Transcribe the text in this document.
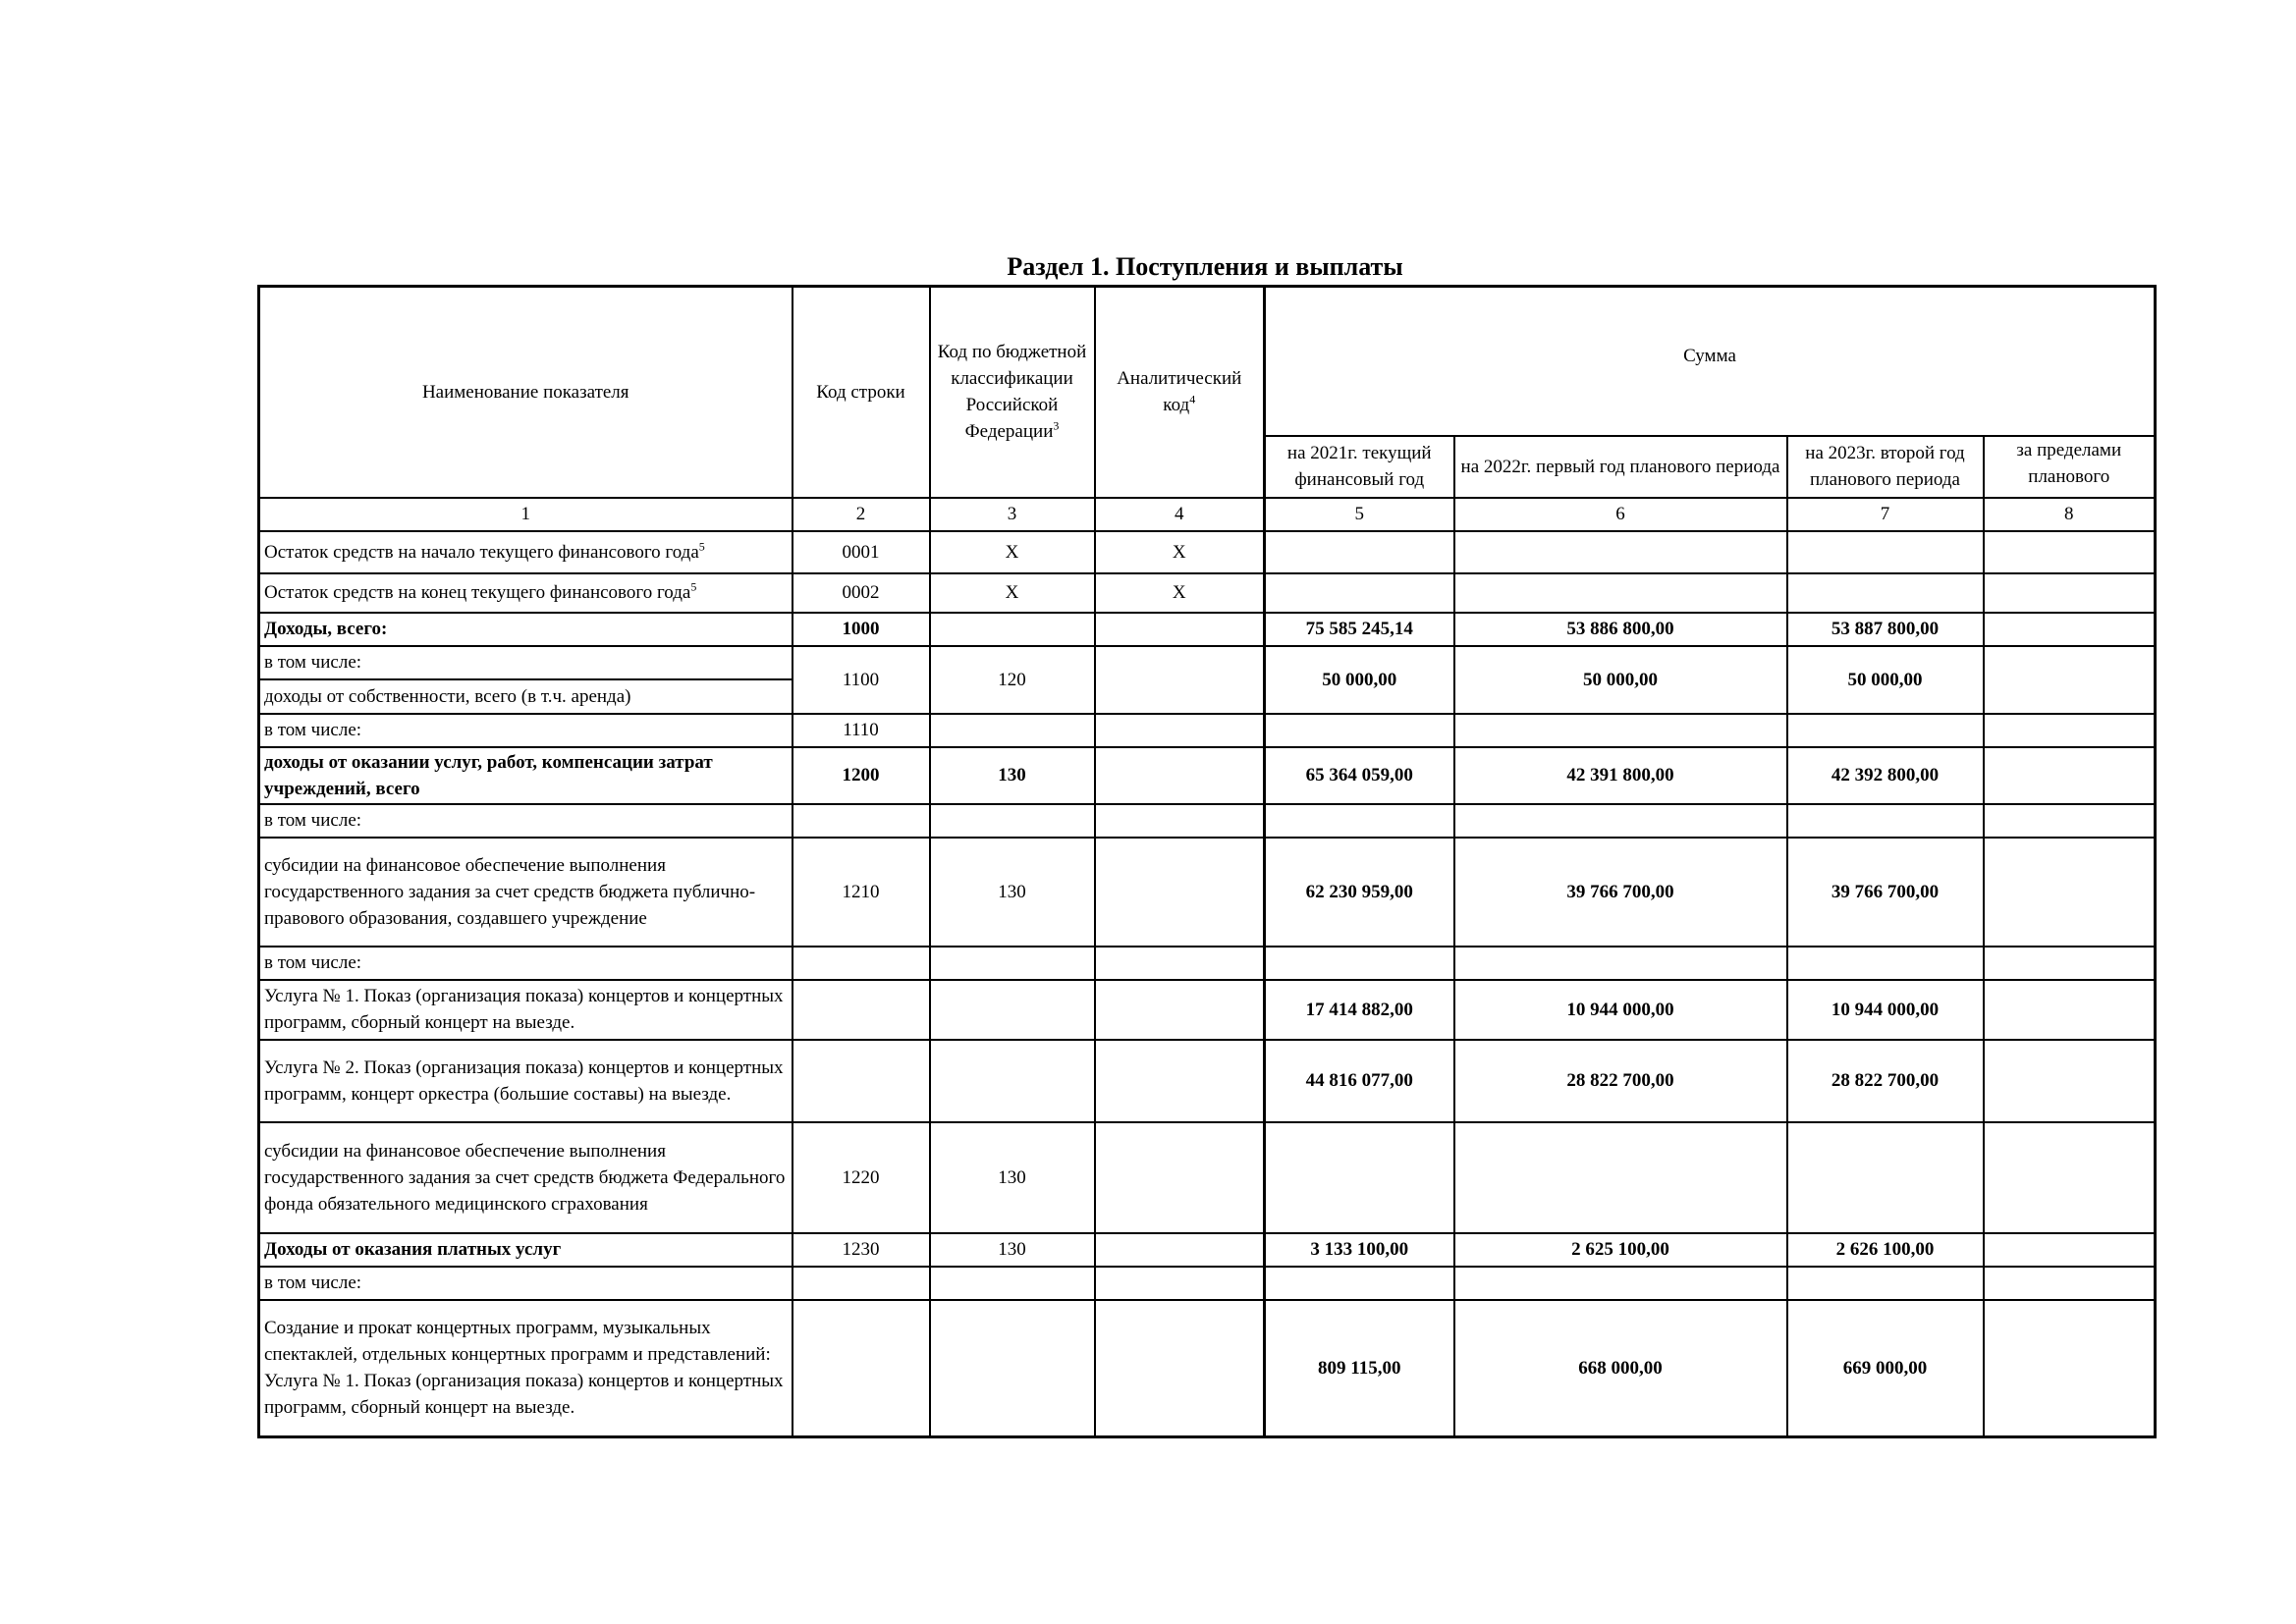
Раздел 1. Поступления и выплаты
Наименование показателя	Код строки	Код по бюджетной классификации Российской Федерации$^3$	Аналитический код$^4$	Сумма			
				на 2021г. текущий финансовый год	на 2022г. первый год планового периода	на 2023г. второй год планового периода	за пределами планового
1	2	3	4	5	6	7	8
Остаток средств на начало текущего финансового года$^5$	0001	X	X				
Остаток средств на конец текущего финансового года$^5$	0002	X	X				
Доходы, всего:	1000			75 585 245,14	53 886 800,00	53 887 800,00	
в том числе:	1100	120		50 000,00	50 000,00	50 000,00	
доходы от собственности, всего (в т.ч. аренда)							
в том числе:	1110						
доходы от оказании услуг, работ, компенсации затрат учреждений, всего	1200	130		65 364 059,00	42 391 800,00	42 392 800,00	
в том числе:							
субсидии на финансовое обеспечение выполнения государственного задания за счет средств бюджета публично-правового образования, создавшего учреждение	1210	130		62 230 959,00	39 766 700,00	39 766 700,00	
в том числе:							
Услуга № 1. Показ (организация показа) концертов и концертных программ, сборный концерт на выезде.				17 414 882,00	10 944 000,00	10 944 000,00	
Услуга № 2. Показ (организация показа) концертов и концертных программ, концерт оркестра (большие составы) на выезде.				44 816 077,00	28 822 700,00	28 822 700,00	
субсидии на финансовое обеспечение выполнения государственного задания за счет средств бюджета Федерального фонда обязательного медицинского сграхования	1220	130					
Доходы от оказания платных услуг	1230	130		3 133 100,00	2 625 100,00	2 626 100,00	
в том числе:							
Создание и прокат концертных программ, музыкальных спектаклей, отдельных концертных программ и представлений: Услуга № 1. Показ (организация показа) концертов и концертных программ, сборный концерт на выезде.				809 115,00	668 000,00	669 000,00	
